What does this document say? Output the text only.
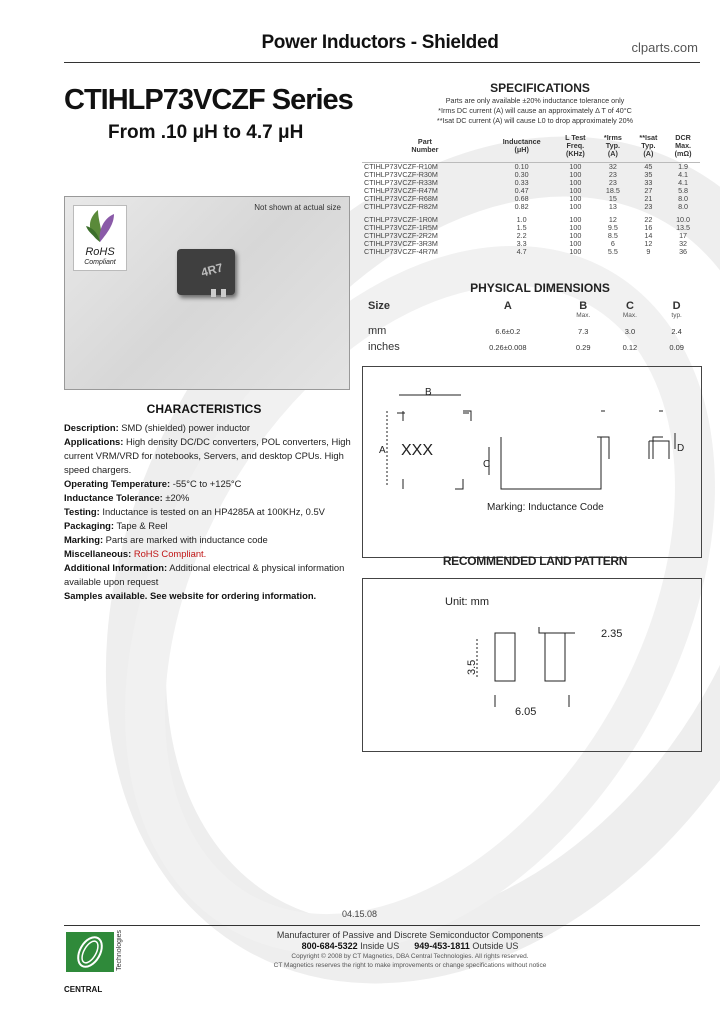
Power Inductors - Shielded	clparts.com
CTIHLP73VCZF Series
From .10 μH to 4.7 μH
Not shown at actual size
RoHS
Compliant	4R7
CHARACTERISTICS

Description: SMD (shielded) power inductor

Applications: High density DC/DC converters, POL converters, High current VRM/VRD for notebooks, Servers, and desktop CPUs. High speed chargers.

Operating Temperature: -55°C to +125°C

Inductance Tolerance: ±20%

Testing: Inductance is tested on an HP4285A at 100KHz, 0.5V

Packaging: Tape & Reel

Marking: Parts are marked with inductance code

Miscellaneous: RoHS Compliant.

Additional Information: Additional electrical & physical information available upon request

Samples available. See website for ordering information.

SPECIFICATIONS
Parts are only available ±20% inductance tolerance only
*Irms DC current (A) will cause an approximately Δ T of 40°C
**Isat DC current (A) will cause L0 to drop approximately 20%
Part
Number	Inductance
(μH)	L Test
Freq.
(KHz)	*Irms
Typ.
(A)	**Isat
Typ.
(A)	DCR
Max.
(mΩ)
CTIHLP73VCZF-R10M	0.10	100	32	45	1.9
CTIHLP73VCZF-R30M	0.30	100	23	35	4.1
CTIHLP73VCZF-R33M	0.33	100	23	33	4.1
CTIHLP73VCZF-R47M	0.47	100	18.5	27	5.8
CTIHLP73VCZF-R68M	0.68	100	15	21	8.0
CTIHLP73VCZF-R82M	0.82	100	13	23	8.0
CTIHLP73VCZF-1R0M	1.0	100	12	22	10.0
CTIHLP73VCZF-1R5M	1.5	100	9.5	16	13.5
CTIHLP73VCZF-2R2M	2.2	100	8.5	14	17
CTIHLP73VCZF-3R3M	3.3	100	6	12	32
CTIHLP73VCZF-4R7M	4.7	100	5.5	9	36
PHYSICAL DIMENSIONS
Size	A	B	C	D
		Max.	Max.	typ.
mm	6.6±0.2	7.3	3.0	2.4
inches	0.26±0.008	0.29	0.12	0.09
A
B
C
D
XXX
Marking: Inductance Code
RECOMMENDED LAND PATTERN
Unit: mm
2.35
3.5
6.05
04.15.08
CENTRAL
Technologies	Manufacturer of Passive and Discrete Semiconductor Components
800-684-5322 Inside US 949-453-1811 Outside US
Copyright © 2008 by CT Magnetics, DBA Central Technologies. All rights reserved.
CT Magnetics reserves the right to make improvements or change specifications without notice
